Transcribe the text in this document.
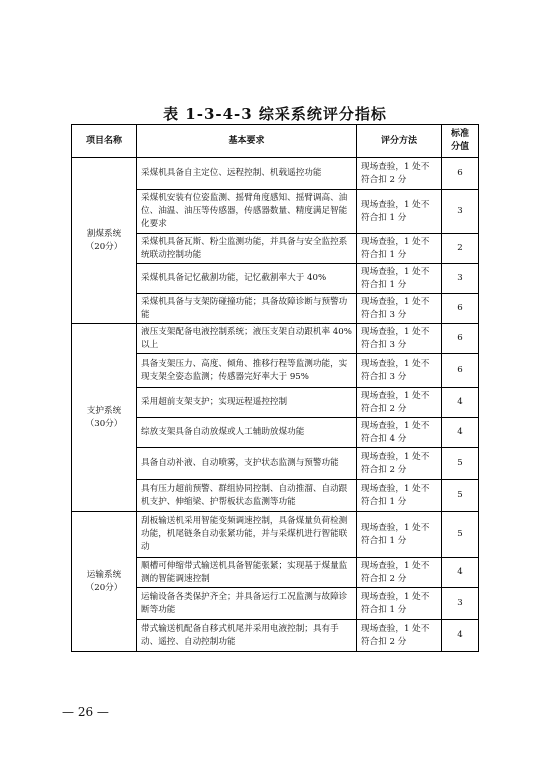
表 1-3-4-3 综采系统评分指标
项目名称	基本要求	评分方法	标准
分值
割煤系统
（20分）	采煤机具备自主定位、远程控制、机载遥控功能	现场查验，1 处不符合扣 2 分	6
	采煤机安装有位姿监测、摇臂角度感知、摇臂调高、油位、油温、油压等传感器，传感器数量、精度满足智能化要求	现场查验，1 处不符合扣 1 分	3
	采煤机具备瓦斯、粉尘监测功能，并具备与安全监控系统联动控制功能	现场查验，1 处不符合扣 1 分	2
	采煤机具备记忆截割功能，记忆截割率大于 40%	现场查验，1 处不符合扣 1 分	3
	采煤机具备与支架防碰撞功能；具备故障诊断与预警功能	现场查验，1 处不符合扣 3 分	6
支护系统
（30分）	液压支架配备电液控制系统；液压支架自动跟机率 40%以上	现场查验，1 处不符合扣 3 分	6
	具备支架压力、高度、倾角、推移行程等监测功能，实现支架全姿态监测；传感器完好率大于 95%	现场查验，1 处不符合扣 3 分	6
	采用超前支架支护；实现远程遥控控制	现场查验，1 处不符合扣 2 分	4
	综放支架具备自动放煤或人工辅助放煤功能	现场查验，1 处不符合扣 4 分	4
	具备自动补液、自动喷雾，支护状态监测与预警功能	现场查验，1 处不符合扣 2 分	5
	具有压力超前预警、群组协同控制、自动推溜、自动跟机支护、伸缩梁、护帮板状态监测等功能	现场查验，1 处不符合扣 1 分	5
运输系统
（20分）	刮板输送机采用智能变频调速控制，具备煤量负荷检测功能，机尾链条自动张紧功能，并与采煤机进行智能联动	现场查验，1 处不符合扣 1 分	5
	顺槽可伸缩带式输送机具备智能张紧；实现基于煤量监测的智能调速控制	现场查验，1 处不符合扣 2 分	4
	运输设备各类保护齐全；并具备运行工况监测与故障诊断等功能	现场查验，1 处不符合扣 1 分	3
	带式输送机配备自移式机尾并采用电液控制；具有手动、遥控、自动控制功能	现场查验，1 处不符合扣 2 分	4
— 26 —
